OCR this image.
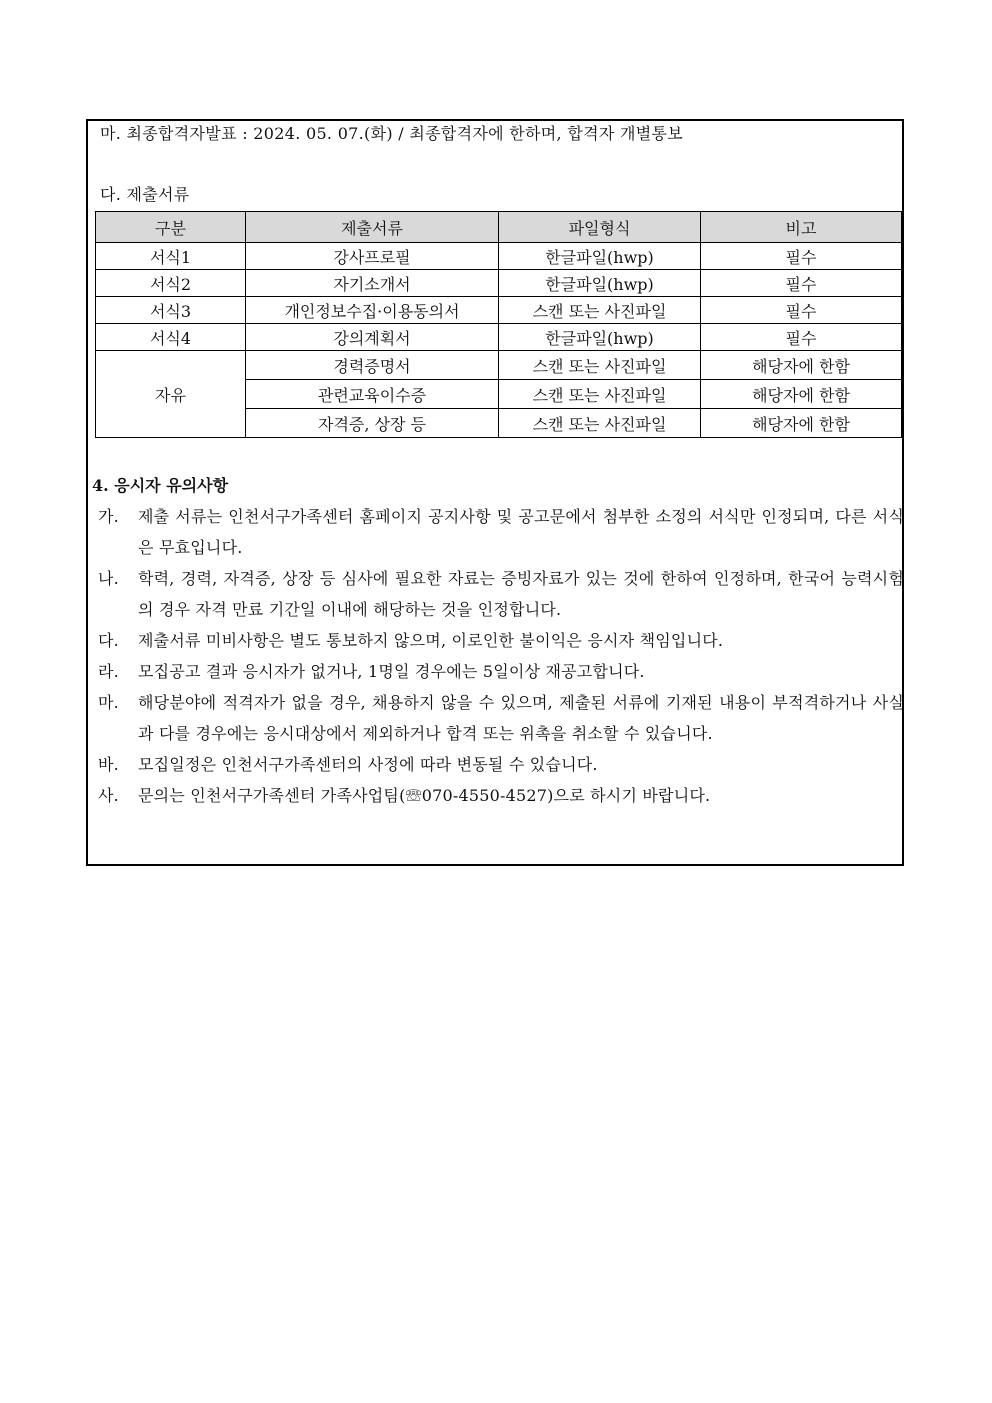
마. 최종합격자발표 : 2024. 05. 07.(화) / 최종합격자에 한하며, 합격자 개별통보
다. 제출서류
구분	제출서류	파일형식	비고
서식1	강사프로필	한글파일(hwp)	필수
서식2	자기소개서	한글파일(hwp)	필수
서식3	개인정보수집·이용동의서	스캔 또는 사진파일	필수
서식4	강의계획서	한글파일(hwp)	필수
자유	경력증명서	스캔 또는 사진파일	해당자에 한함
	관련교육이수증	스캔 또는 사진파일	해당자에 한함
	자격증, 상장 등	스캔 또는 사진파일	해당자에 한함
4. 응시자 유의사항
가. 제출 서류는 인천서구가족센터 홈페이지 공지사항 및 공고문에서 첨부한 소정의 서식만 인정되며, 다른 서식은 무효입니다.
나. 학력, 경력, 자격증, 상장 등 심사에 필요한 자료는 증빙자료가 있는 것에 한하여 인정하며, 한국어 능력시험의 경우 자격 만료 기간일 이내에 해당하는 것을 인정합니다.
다. 제출서류 미비사항은 별도 통보하지 않으며, 이로인한 불이익은 응시자 책임입니다.
라. 모집공고 결과 응시자가 없거나, 1명일 경우에는 5일이상 재공고합니다.
마. 해당분야에 적격자가 없을 경우, 채용하지 않을 수 있으며, 제출된 서류에 기재된 내용이 부적격하거나 사실과 다를 경우에는 응시대상에서 제외하거나 합격 또는 위촉을 취소할 수 있습니다.
바. 모집일정은 인천서구가족센터의 사정에 따라 변동될 수 있습니다.
사. 문의는 인천서구가족센터 가족사업팀(☏070-4550-4527)으로 하시기 바랍니다.
